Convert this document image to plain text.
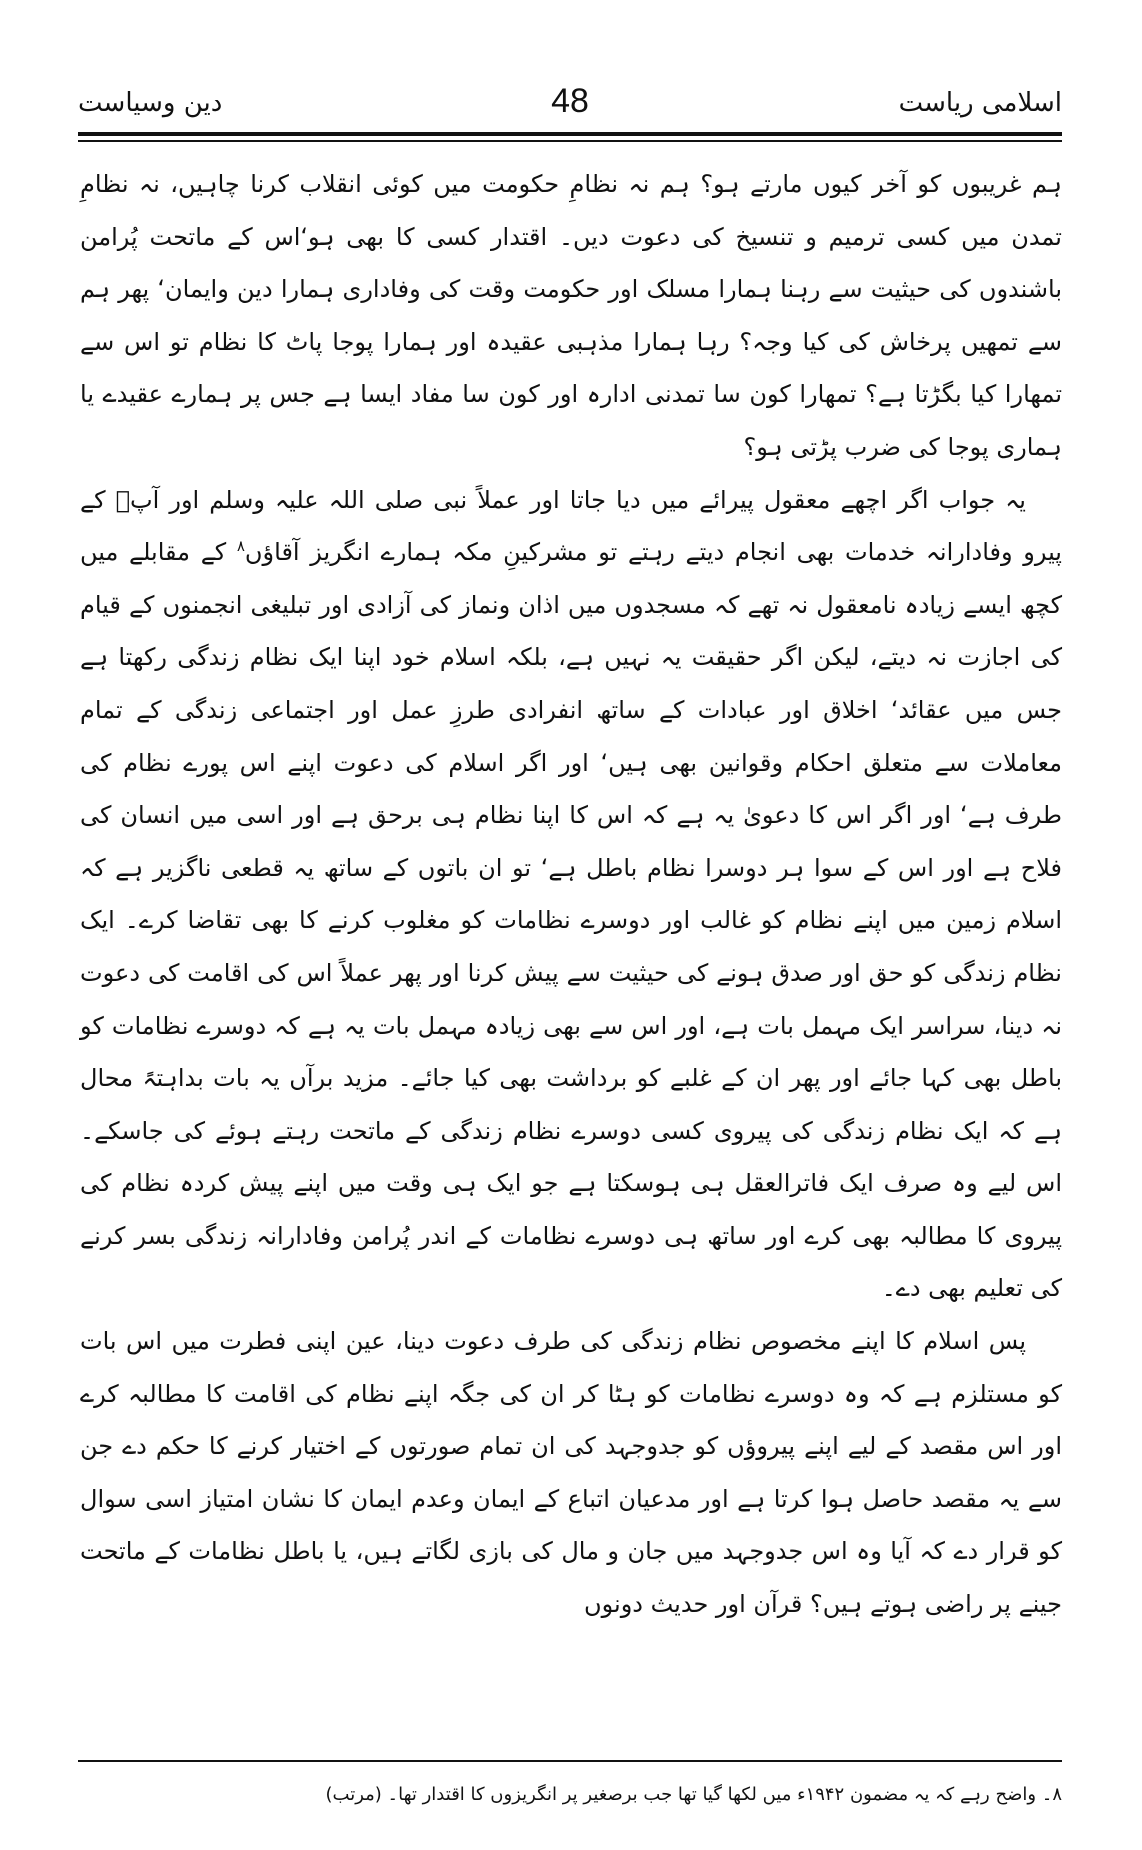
دین وسیاست	48	اسلامی ریاست

ہم غریبوں کو آخر کیوں مارتے ہو؟ ہم نہ نظامِ حکومت میں کوئی انقلاب کرنا چاہیں، نہ نظامِ تمدن میں کسی ترمیم و تنسیخ کی دعوت دیں۔ اقتدار کسی کا بھی ہو‘اس کے ماتحت پُرامن باشندوں کی حیثیت سے رہنا ہمارا مسلک اور حکومت وقت کی وفاداری ہمارا دین وایمان‘ پھر ہم سے تمھیں پرخاش کی کیا وجہ؟ رہا ہمارا مذہبی عقیدہ اور ہمارا پوجا پاٹ کا نظام تو اس سے تمھارا کیا بگڑتا ہے؟ تمھارا کون سا تمدنی ادارہ اور کون سا مفاد ایسا ہے جس پر ہمارے عقیدے یا ہماری پوجا کی ضرب پڑتی ہو؟

یہ جواب اگر اچھے معقول پیرائے میں دیا جاتا اور عملاً نبی صلی اللہ علیہ وسلم اور آپؐ کے پیرو وفادارانہ خدمات بھی انجام دیتے رہتے تو مشرکینِ مکہ ہمارے انگریز آقاؤں$^۸$ کے مقابلے میں کچھ ایسے زیادہ نامعقول نہ تھے کہ مسجدوں میں اذان ونماز کی آزادی اور تبلیغی انجمنوں کے قیام کی اجازت نہ دیتے، لیکن اگر حقیقت یہ نہیں ہے، بلکہ اسلام خود اپنا ایک نظام زندگی رکھتا ہے جس میں عقائد‘ اخلاق اور عبادات کے ساتھ انفرادی طرزِ عمل اور اجتماعی زندگی کے تمام معاملات سے متعلق احکام وقوانین بھی ہیں‘ اور اگر اسلام کی دعوت اپنے اس پورے نظام کی طرف ہے‘ اور اگر اس کا دعویٰ یہ ہے کہ اس کا اپنا نظام ہی برحق ہے اور اسی میں انسان کی فلاح ہے اور اس کے سوا ہر دوسرا نظام باطل ہے‘ تو ان باتوں کے ساتھ یہ قطعی ناگزیر ہے کہ اسلام زمین میں اپنے نظام کو غالب اور دوسرے نظامات کو مغلوب کرنے کا بھی تقاضا کرے۔ ایک نظام زندگی کو حق اور صدق ہونے کی حیثیت سے پیش کرنا اور پھر عملاً اس کی اقامت کی دعوت نہ دینا، سراسر ایک مہمل بات ہے، اور اس سے بھی زیادہ مہمل بات یہ ہے کہ دوسرے نظامات کو باطل بھی کہا جائے اور پھر ان کے غلبے کو برداشت بھی کیا جائے۔ مزید برآں یہ بات بداہتہً محال ہے کہ ایک نظام زندگی کی پیروی کسی دوسرے نظام زندگی کے ماتحت رہتے ہوئے کی جاسکے۔ اس لیے وہ صرف ایک فاترالعقل ہی ہوسکتا ہے جو ایک ہی وقت میں اپنے پیش کردہ نظام کی پیروی کا مطالبہ بھی کرے اور ساتھ ہی دوسرے نظامات کے اندر پُرامن وفادارانہ زندگی بسر کرنے کی تعلیم بھی دے۔

پس اسلام کا اپنے مخصوص نظام زندگی کی طرف دعوت دینا، عین اپنی فطرت میں اس بات کو مستلزم ہے کہ وہ دوسرے نظامات کو ہٹا کر ان کی جگہ اپنے نظام کی اقامت کا مطالبہ کرے اور اس مقصد کے لیے اپنے پیروؤں کو جدوجہد کی ان تمام صورتوں کے اختیار کرنے کا حکم دے جن سے یہ مقصد حاصل ہوا کرتا ہے اور مدعیان اتباع کے ایمان وعدم ایمان کا نشان امتیاز اسی سوال کو قرار دے کہ آیا وہ اس جدوجہد میں جان و مال کی بازی لگاتے ہیں، یا باطل نظامات کے ماتحت جینے پر راضی ہوتے ہیں؟ قرآن اور حدیث دونوں

۸۔ واضح رہے کہ یہ مضمون ۱۹۴۲ء میں لکھا گیا تھا جب برصغیر پر انگریزوں کا اقتدار تھا۔ (مرتب)
